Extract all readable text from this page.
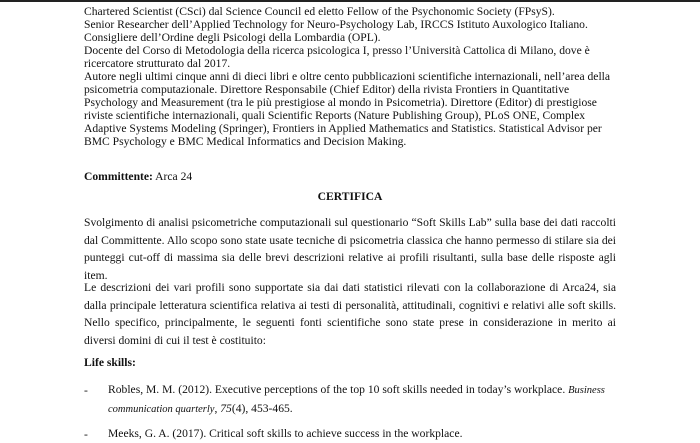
Chartered Scientist (CSci) dal Science Council ed eletto Fellow of the Psychonomic Society (FPsyS).
Senior Researcher dell’Applied Technology for Neuro-Psychology Lab, IRCCS Istituto Auxologico Italiano.
Consigliere dell’Ordine degli Psicologi della Lombardia (OPL).
Docente del Corso di Metodologia della ricerca psicologica I, presso l’Università Cattolica di Milano, dove è
ricercatore strutturato dal 2017.
Autore negli ultimi cinque anni di dieci libri e oltre cento pubblicazioni scientifiche internazionali, nell’area della
psicometria computazionale. Direttore Responsabile (Chief Editor) della rivista Frontiers in Quantitative
Psychology and Measurement (tra le più prestigiose al mondo in Psicometria). Direttore (Editor) di prestigiose
riviste scientifiche internazionali, quali Scientific Reports (Nature Publishing Group), PLoS ONE, Complex
Adaptive Systems Modeling (Springer), Frontiers in Applied Mathematics and Statistics. Statistical Advisor per
BMC Psychology e BMC Medical Informatics and Decision Making.
Committente: Arca 24
CERTIFICA
Svolgimento di analisi psicometriche computazionali sul questionario “Soft Skills Lab” sulla base dei dati raccolti dal Committente. Allo scopo sono state usate tecniche di psicometria classica che hanno permesso di stilare sia dei punteggi cut-off di massima sia delle brevi descrizioni relative ai profili risultanti, sulla base delle risposte agli item.
Le descrizioni dei vari profili sono supportate sia dai dati statistici rilevati con la collaborazione di Arca24, sia dalla principale letteratura scientifica relativa ai testi di personalità, attitudinali, cognitivi e relativi alle soft skills. Nello specifico, principalmente, le seguenti fonti scientifiche sono state prese in considerazione in merito ai diversi domini di cui il test è costituito:
Life skills:
- Robles, M. M. (2012). Executive perceptions of the top 10 soft skills needed in today’s workplace. Business communication quarterly, 75(4), 453-465.
- Meeks, G. A. (2017). Critical soft skills to achieve success in the workplace.
